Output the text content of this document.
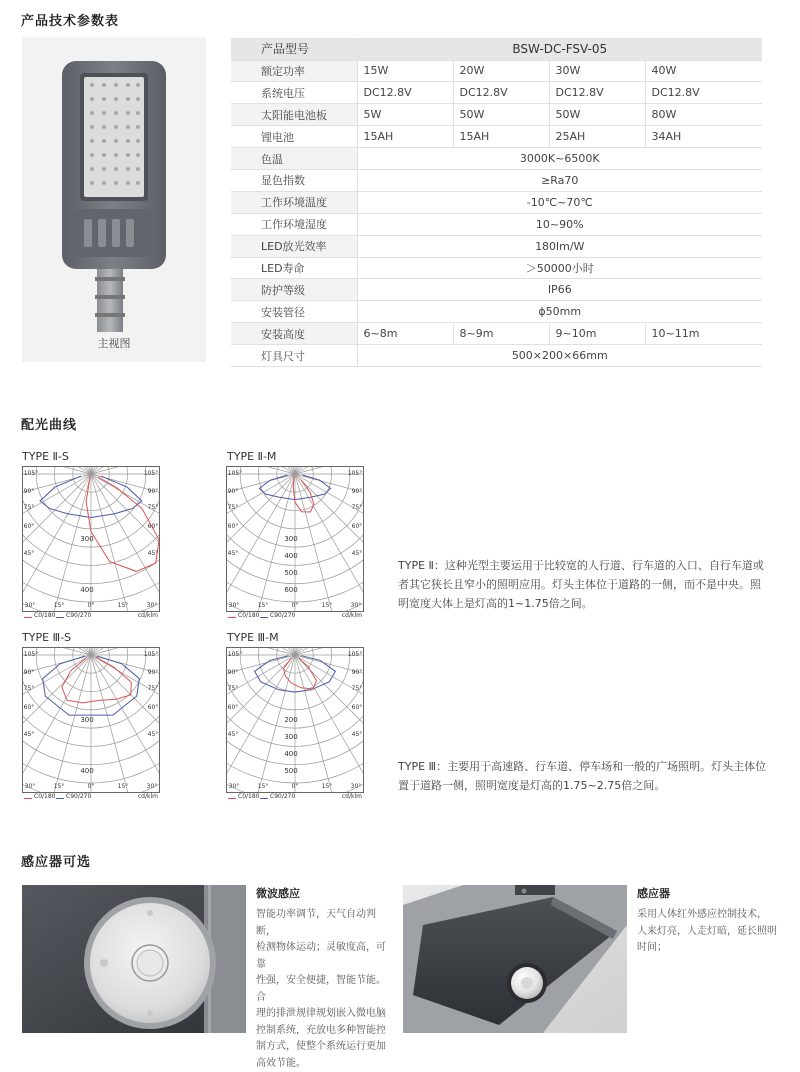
产品技术参数表
主视图
产品型号	BSW-DC-FSV-05			
额定功率	15W	20W	30W	40W
系统电压	DC12.8V	DC12.8V	DC12.8V	DC12.8V
太阳能电池板	5W	50W	50W	80W
锂电池	15AH	15AH	25AH	34AH
色温	3000K~6500K			
显色指数	≥Ra70			
工作环境温度	-10℃~70℃			
工作环境湿度	10~90%			
LED放光效率	180lm/W			
LED寿命	＞50000小时			
防护等级	IP66			
安装管径	ϕ50mm			
安装高度	6~8m	8~9m	9~10m	10~11m
灯具尺寸	500×200×66mm			
配光曲线
TYPE Ⅱ-S	TYPE Ⅱ-M
TYPE Ⅲ-S	TYPE Ⅲ-M
300
400
105°	105°
90°	90°
75°	75°
60°	60°
45°	45°
30°	30°
15°	15°
0°
C0/180 C90/270	cd/klm
300
400
500
600
105°	105°
90°	90°
75°	75°
60°	60°
45°	45°
30°	30°
15°	15°
0°
C0/180 C90/270	cd/klm
300
400
105°	105°
90°	90°
75°	75°
60°	60°
45°	45°
30°	30°
15°	15°
0°
C0/180 C90/270	cd/klm
200
300
400
500
105°	105°
90°	90°
75°	75°
60°	60°
45°	45°
30°	30°
15°	15°
0°
C0/180 C90/270	cd/klm
TYPE Ⅱ：这种光型主要运用于比较宽的人行道、行车道的入口、自行车道或者其它狭长且窄小的照明应用。灯头主体位于道路的一侧，而不是中央。照明宽度大体上是灯高的1~1.75倍之间。
TYPE Ⅲ：主要用于高速路、行车道、停车场和一般的广场照明。灯头主体位置于道路一侧，照明宽度是灯高的1.75~2.75倍之间。
感应器可选
微波感应
智能功率调节，天气自动判断，
检测物体运动；灵敏度高，可靠
性强，安全便捷，智能节能。合
理的排泄规律规划嵌入微电脑
控制系统，充放电多种智能控
制方式，使整个系统运行更加
高效节能。
感应器
采用人体红外感应控制技术，
人来灯亮，人走灯暗，延长照明
时间；
